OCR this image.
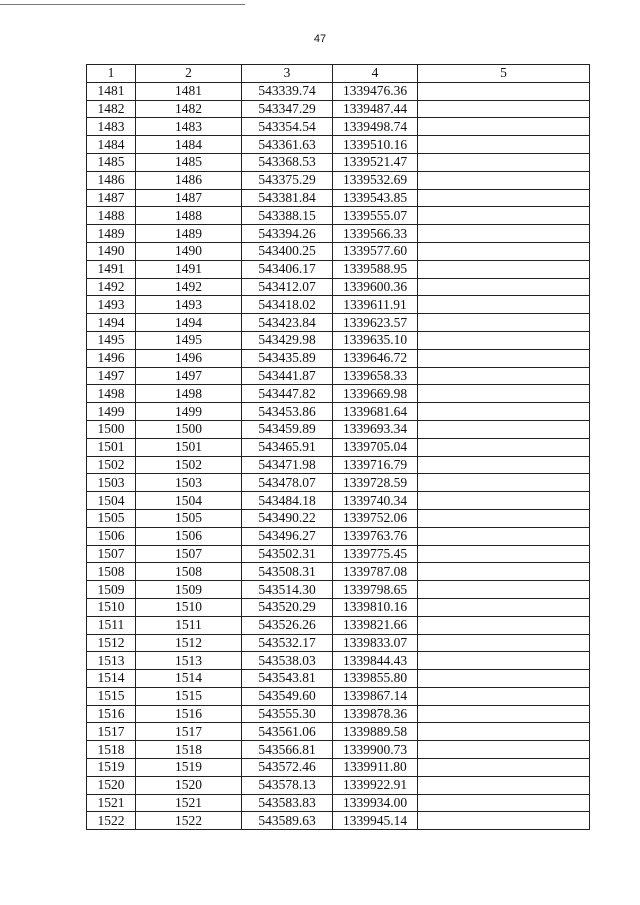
47
1	2	3	4	5
1481	1481	543339.74	1339476.36	
1482	1482	543347.29	1339487.44	
1483	1483	543354.54	1339498.74	
1484	1484	543361.63	1339510.16	
1485	1485	543368.53	1339521.47	
1486	1486	543375.29	1339532.69	
1487	1487	543381.84	1339543.85	
1488	1488	543388.15	1339555.07	
1489	1489	543394.26	1339566.33	
1490	1490	543400.25	1339577.60	
1491	1491	543406.17	1339588.95	
1492	1492	543412.07	1339600.36	
1493	1493	543418.02	1339611.91	
1494	1494	543423.84	1339623.57	
1495	1495	543429.98	1339635.10	
1496	1496	543435.89	1339646.72	
1497	1497	543441.87	1339658.33	
1498	1498	543447.82	1339669.98	
1499	1499	543453.86	1339681.64	
1500	1500	543459.89	1339693.34	
1501	1501	543465.91	1339705.04	
1502	1502	543471.98	1339716.79	
1503	1503	543478.07	1339728.59	
1504	1504	543484.18	1339740.34	
1505	1505	543490.22	1339752.06	
1506	1506	543496.27	1339763.76	
1507	1507	543502.31	1339775.45	
1508	1508	543508.31	1339787.08	
1509	1509	543514.30	1339798.65	
1510	1510	543520.29	1339810.16	
1511	1511	543526.26	1339821.66	
1512	1512	543532.17	1339833.07	
1513	1513	543538.03	1339844.43	
1514	1514	543543.81	1339855.80	
1515	1515	543549.60	1339867.14	
1516	1516	543555.30	1339878.36	
1517	1517	543561.06	1339889.58	
1518	1518	543566.81	1339900.73	
1519	1519	543572.46	1339911.80	
1520	1520	543578.13	1339922.91	
1521	1521	543583.83	1339934.00	
1522	1522	543589.63	1339945.14	
